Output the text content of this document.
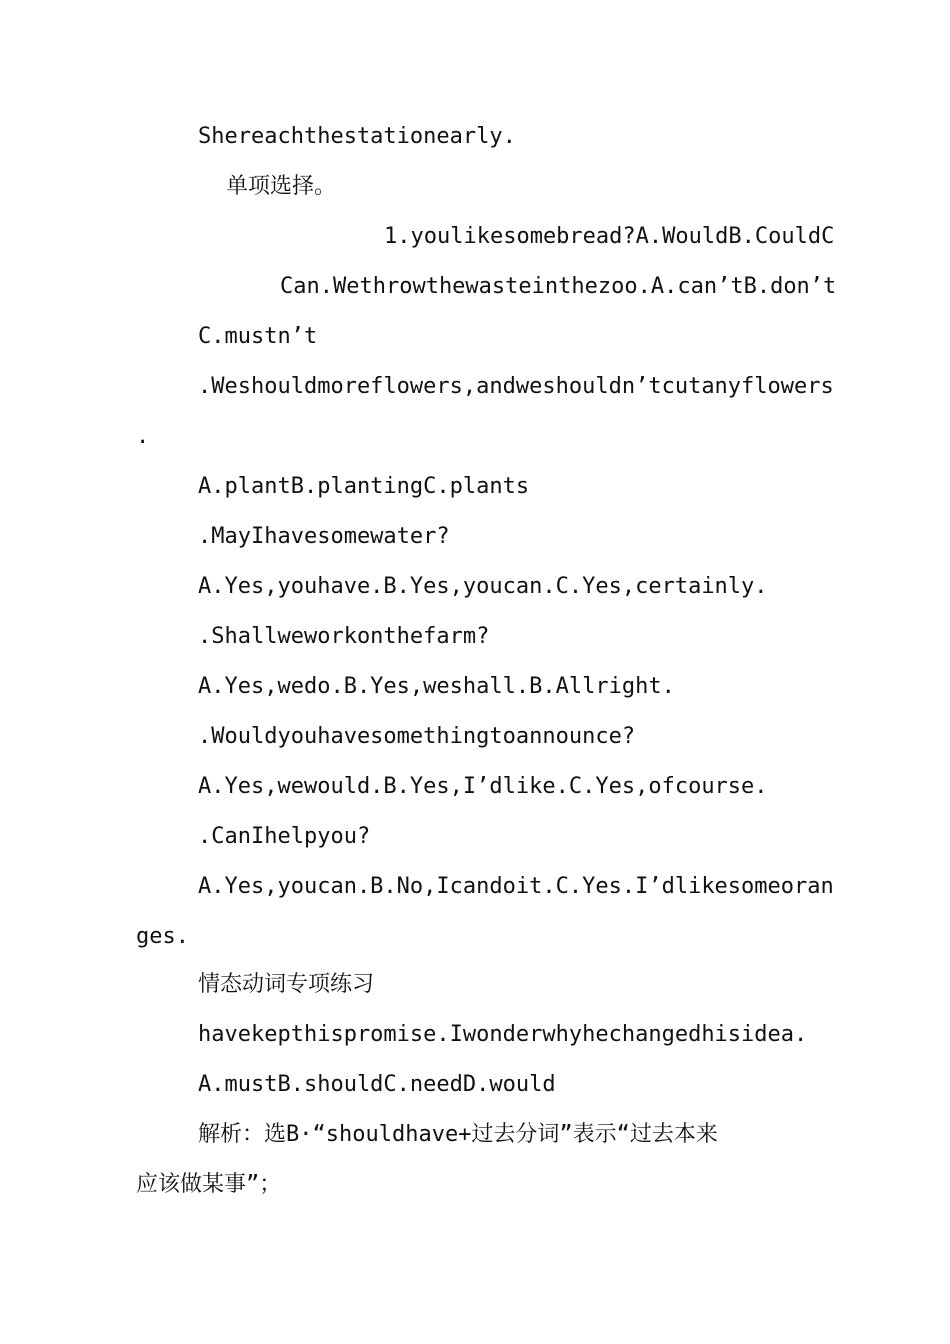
Shereachthestationearly.
单项选择。
1.youlikesomebread?A.WouldB.CouldC
Can.Wethrowthewasteinthezoo.A.can’tB.don’t
C.mustn’t
.Weshouldmoreflowers,andweshouldn’tcutanyflowers
.
A.plantB.plantingC.plants
.MayIhavesomewater?
A.Yes,youhave.B.Yes,youcan.C.Yes,certainly.
.Shallweworkonthefarm?
A.Yes,wedo.B.Yes,weshall.B.Allright.
.Wouldyouhavesomethingtoannounce?
A.Yes,wewould.B.Yes,I’dlike.C.Yes,ofcourse.
.CanIhelpyou?
A.Yes,youcan.B.No,Icandoit.C.Yes.I’dlikesomeoran
ges.
情态动词专项练习
havekepthispromise.Iwonderwhyhechangedhisidea.
A.mustB.shouldC.needD.would
解析：选B·“shouldhave+过去分词”表示“过去本来
应该做某事”；
